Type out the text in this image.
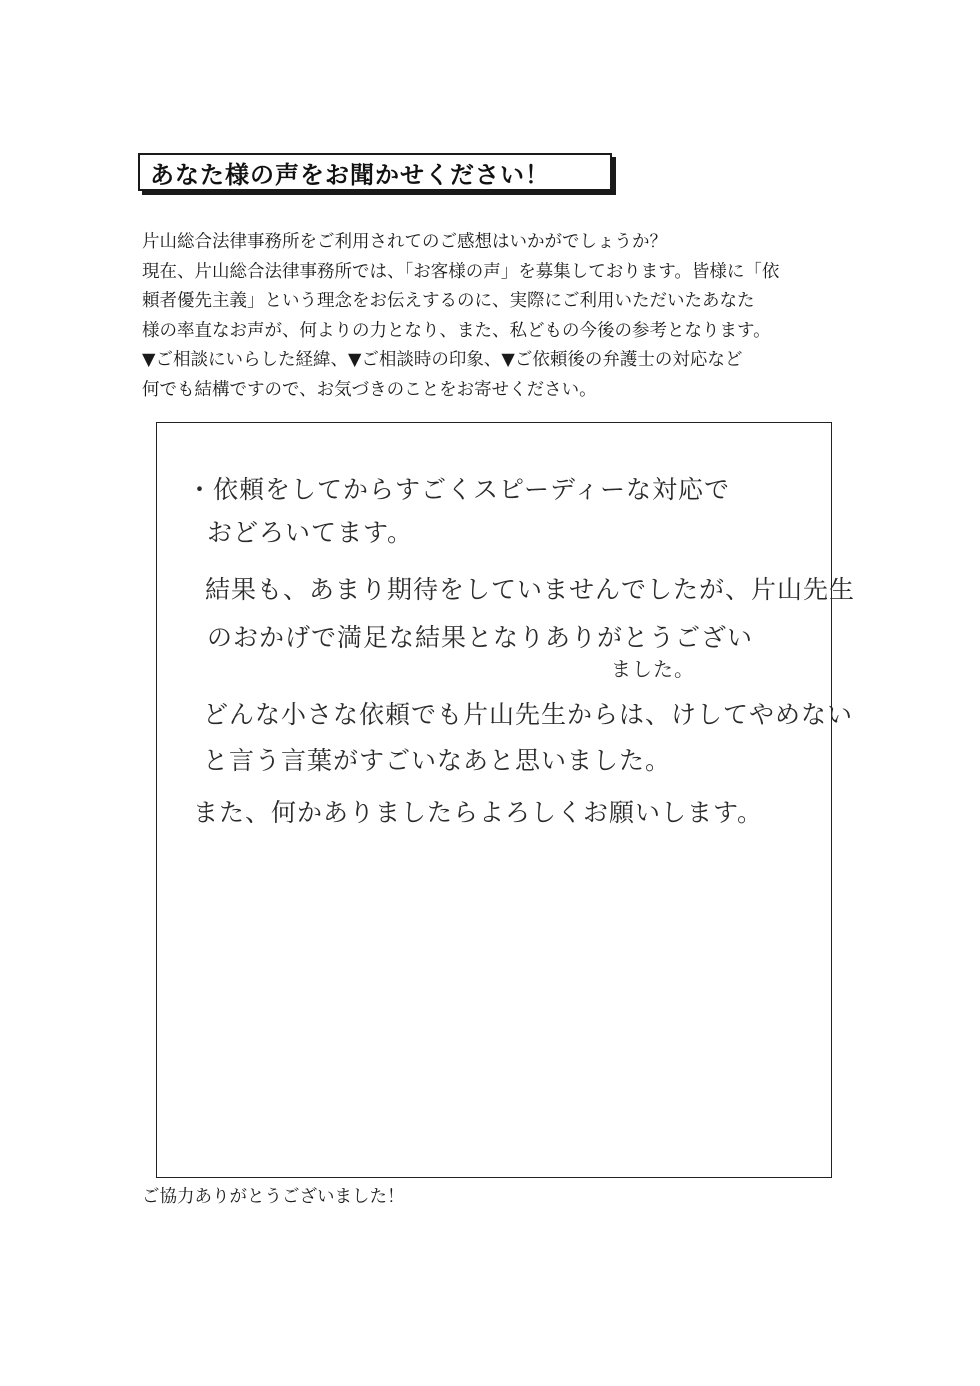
あなた様の声をお聞かせください！
片山総合法律事務所をご利用されてのご感想はいかがでしょうか？
現在、片山総合法律事務所では、「お客様の声」を募集しております。皆様に「依
頼者優先主義」という理念をお伝えするのに、実際にご利用いただいたあなた
様の率直なお声が、何よりの力となり、また、私どもの今後の参考となります。
▼ご相談にいらした経緯、▼ご相談時の印象、▼ご依頼後の弁護士の対応など
何でも結構ですので、お気づきのことをお寄せください。
・依頼をしてからすごくスピーディーな対応で
おどろいてます。
結果も、あまり期待をしていませんでしたが、片山先生
のおかげで満足な結果となりありがとうござい
ました。
どんな小さな依頼でも片山先生からは、けしてやめない
と言う言葉がすごいなあと思いました。
また、何かありましたらよろしくお願いします。
ご協力ありがとうございました！
